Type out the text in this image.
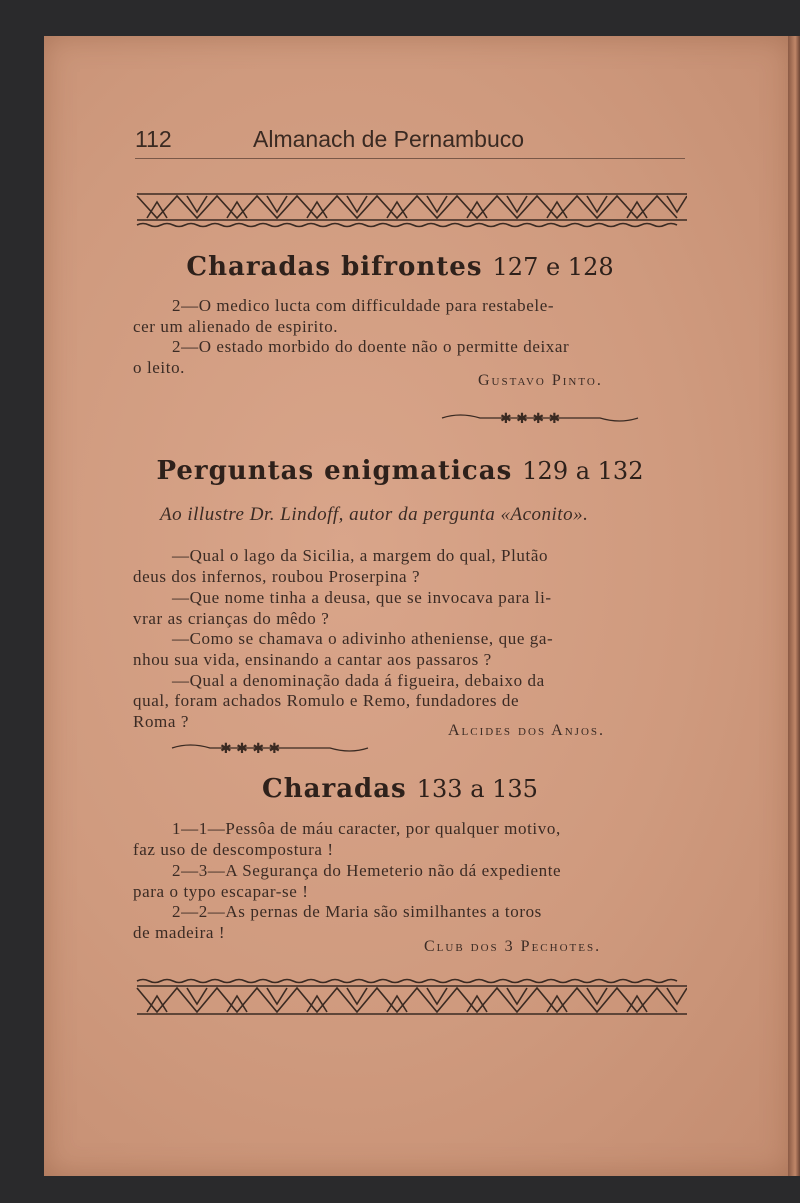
112	Almanach de Pernambuco
Charadas bifrontes 127 e 128
2—O medico lucta com difficuldade para restabele-
cer um alienado de espirito.
2—O estado morbido do doente não o permitte deixar
o leito.
Gustavo Pinto.
✱ ✱ ✱ ✱
Perguntas enigmaticas 129 a 132
Ao illustre Dr. Lindoff, autor da pergunta «Aconito».
—Qual o lago da Sicilia, a margem do qual, Plutão
deus dos infernos, roubou Proserpina ?
—Que nome tinha a deusa, que se invocava para li-
vrar as crianças do mêdo ?
—Como se chamava o adivinho atheniense, que ga-
nhou sua vida, ensinando a cantar aos passaros ?
—Qual a denominação dada á figueira, debaixo da
qual, foram achados Romulo e Remo, fundadores de
Roma ?	Alcides dos Anjos.
✱ ✱ ✱ ✱
Charadas 133 a 135
1—1—Pessôa de máu caracter, por qualquer motivo,
faz uso de descompostura !
2—3—A Segurança do Hemeterio não dá expediente
para o typo escapar-se !
2—2—As pernas de Maria são similhantes a toros
de madeira !
Club dos 3 Pechotes.
